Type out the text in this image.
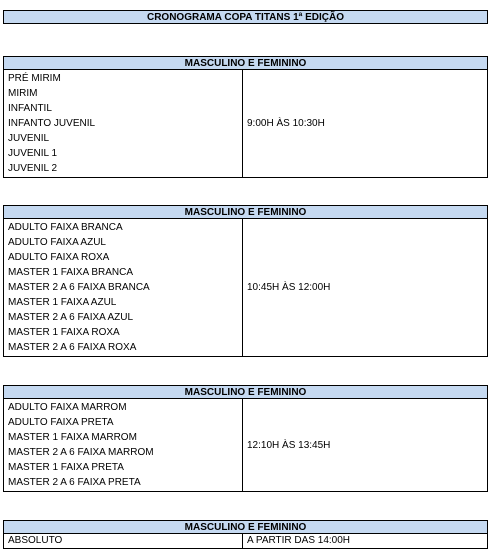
CRONOGRAMA COPA TITANS 1ª EDIÇÃO
MASCULINO E FEMININO
PRÉ MIRIM
MIRIM
INFANTIL
INFANTO JUVENIL
JUVENIL
JUVENIL 1
JUVENIL 2
9:00H ÀS 10:30H
MASCULINO E FEMININO
ADULTO FAIXA BRANCA
ADULTO FAIXA AZUL
ADULTO FAIXA ROXA
MASTER 1 FAIXA BRANCA
MASTER 2 A 6 FAIXA BRANCA
MASTER 1 FAIXA AZUL
MASTER 2 A 6 FAIXA AZUL
MASTER 1 FAIXA ROXA
MASTER 2 A 6 FAIXA ROXA
10:45H ÀS 12:00H
MASCULINO E FEMININO
ADULTO FAIXA MARROM
ADULTO FAIXA PRETA
MASTER 1 FAIXA MARROM
MASTER 2 A 6 FAIXA MARROM
MASTER 1 FAIXA PRETA
MASTER 2 A 6 FAIXA PRETA
12:10H ÀS 13:45H
MASCULINO E FEMININO
ABSOLUTO	A PARTIR DAS 14:00H
